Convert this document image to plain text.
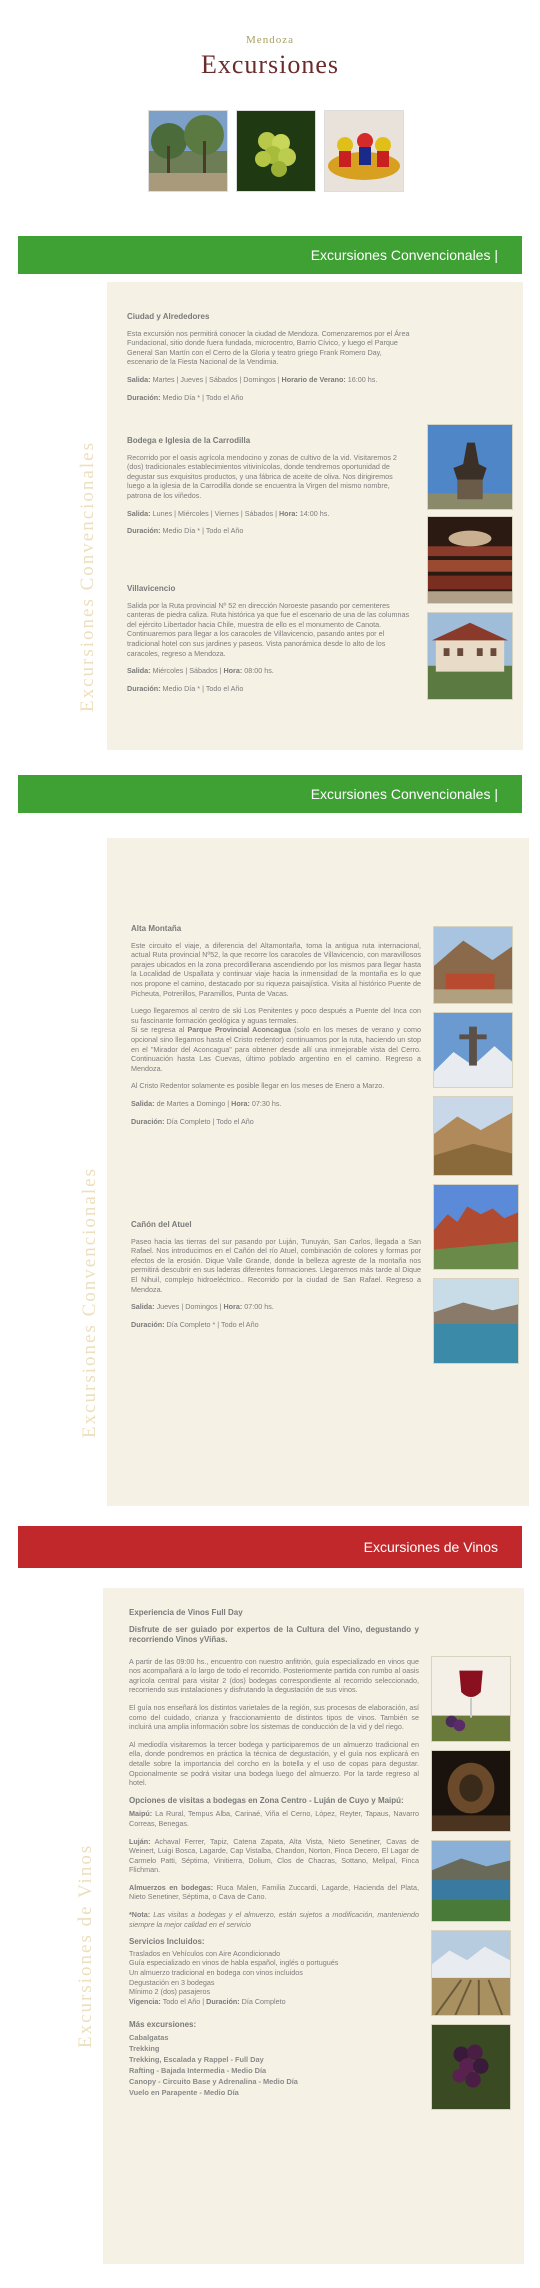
Mendoza
Excursiones
Excursiones Convencionales |
Excursiones Convencionales
Ciudad y Alrededores

Esta excursión nos permitirá conocer la ciudad de Mendoza. Comenzaremos por el Área Fundacional, sitio donde fuera fundada, microcentro, Barrio Cívico, y luego el Parque General San Martín con el Cerro de la Gloria y teatro griego Frank Romero Day, escenario de la Fiesta Nacional de la Vendimia.

Salida: Martes | Jueves | Sábados | Domingos | Horario de Verano: 16:00 hs.

Duración: Medio Día * | Todo el Año

Bodega e Iglesia de la Carrodilla

Recorrido por el oasis agrícola mendocino y zonas de cultivo de la vid. Visitaremos 2 (dos) tradicionales establecimientos vitivinícolas, donde tendremos oportunidad de degustar sus exquisitos productos, y una fábrica de aceite de oliva. Nos dirigiremos luego a la iglesia de la Carrodilla donde se encuentra la Virgen del mismo nombre, patrona de los viñedos.

Salida: Lunes | Miércoles | Viernes | Sábados | Hora: 14:00 hs.

Duración: Medio Día * | Todo el Año

Villavicencio

Salida por la Ruta provincial Nº 52 en dirección Noroeste pasando por cementeres canteras de piedra caliza. Ruta histórica ya que fue el escenario de una de las columnas del ejército Libertador hacia Chile, muestra de ello es el monumento de Canota. Continuaremos para llegar a los caracoles de Villavicencio, pasando antes por el tradicional hotel con sus jardines y paseos. Vista panorámica desde lo alto de los caracoles, regreso a Mendoza.

Salida: Miércoles | Sábados | Hora: 08:00 hs.

Duración: Medio Día * | Todo el Año

Excursiones Convencionales |
Excursiones Convencionales
Alta Montaña

Este circuito el viaje, a diferencia del Altamontaña, toma la antigua ruta internacional, actual Ruta provincial Nº52, la que recorre los caracoles de Villavicencio, con maravillosos parajes ubicados en la zona precordillerana ascendiendo por los mismos para llegar hasta la Localidad de Uspallata y continuar viaje hacia la inmensidad de la montaña es lo que nos propone el camino, destacado por su riqueza paisajística. Visita al histórico Puente de Picheuta, Potrerillos, Paramillos, Punta de Vacas.

Luego llegaremos al centro de ski Los Penitentes y poco después a Puente del Inca con su fascinante formación geológica y aguas termales.

Si se regresa al Parque Provincial Aconcagua (solo en los meses de verano y como opcional sino llegamos hasta el Cristo redentor) continuamos por la ruta, haciendo un stop en el "Mirador del Aconcagua" para obtener desde allí una inmejorable vista del Cerro. Continuación hasta Las Cuevas, último poblado argentino en el camino. Regreso a Mendoza.

Al Cristo Redentor solamente es posible llegar en los meses de Enero a Marzo.

Salida: de Martes a Domingo | Hora: 07:30 hs.

Duración: Día Completo | Todo el Año

Cañón del Atuel

Paseo hacia las tierras del sur pasando por Luján, Tunuyán, San Carlos, llegada a San Rafael. Nos introducimos en el Cañón del río Atuel, combinación de colores y formas por efectos de la erosión. Dique Valle Grande, donde la belleza agreste de la montaña nos permitirá descubrir en sus laderas diferentes formaciones. Llegaremos más tarde al Dique El Nihuil, complejo hidroeléctrico.. Recorrido por la ciudad de San Rafael. Regreso a Mendoza.

Salida: Jueves | Domingos | Hora: 07:00 hs.

Duración: Día Completo * | Todo el Año

Excursiones de Vinos
Excursiones de Vinos
Experiencia de Vinos Full Day
Disfrute de ser guiado por expertos de la Cultura del Vino, degustando y recorriendo Vinos yViñas.

A partir de las 09:00 hs., encuentro con nuestro anfitrión, guía especializado en vinos que nos acompañará a lo largo de todo el recorrido. Posteriormente partida con rumbo al oasis agrícola central para visitar 2 (dos) bodegas correspondiente al recorrido seleccionado, recorriendo sus instalaciones y disfrutando la degustación de sus vinos.

El guía nos enseñará los distintos varietales de la región, sus procesos de elaboración, así como del cuidado, crianza y fraccionamiento de distintos tipos de vinos. También se incluirá una amplia información sobre los sistemas de conducción de la vid y del riego.

Al mediodía visitaremos la tercer bodega y participaremos de un almuerzo tradicional en ella, donde pondremos en práctica la técnica de degustación, y el guía nos explicará en detalle sobre la importancia del corcho en la botella y el uso de copas para degustar. Opcionalmente se podrá visitar una bodega luego del almuerzo. Por la tarde regreso al hotel.

Opciones de visitas a bodegas en Zona Centro - Luján de Cuyo y Maipú:

Maipú: La Rural, Tempus Alba, Carinaé, Viña el Cerno, López, Reyter, Tapaus, Navarro Correas, Benegas.

Luján: Achaval Ferrer, Tapiz, Catena Zapata, Alta Vista, Nieto Senetiner, Cavas de Weinert, Luigi Bosca, Lagarde, Cap Vistalba, Chandon, Norton, Finca Decero, El Lagar de Carmelo Patti, Séptima, Vinitierra, Dolium, Clos de Chacras, Sottano, Melipal, Finca Flichman.

Almuerzos en bodegas: Ruca Malen, Familia Zuccardi, Lagarde, Hacienda del Plata, Nieto Senetiner, Séptima, o Cava de Cano.

*Nota: Las visitas a bodegas y el almuerzo, están sujetos a modificación, manteniendo siempre la mejor calidad en el servicio

Servicios Incluidos:
Traslados en Vehículos con Aire Acondicionado
Guía especializado en vinos de habla español, inglés o portugués
Un almuerzo tradicional en bodega con vinos incluidos
Degustación en 3 bodegas
Mínimo 2 (dos) pasajeros

Vigencia: Todo el Año | Duración: Día Completo

Más excursiones:
Cabalgatas
Trekking
Trekking, Escalada y Rappel - Full Day
Rafting - Bajada Intermedia - Medio Día
Canopy - Circuito Base y Adrenalina - Medio Día
Vuelo en Parapente - Medio Día
